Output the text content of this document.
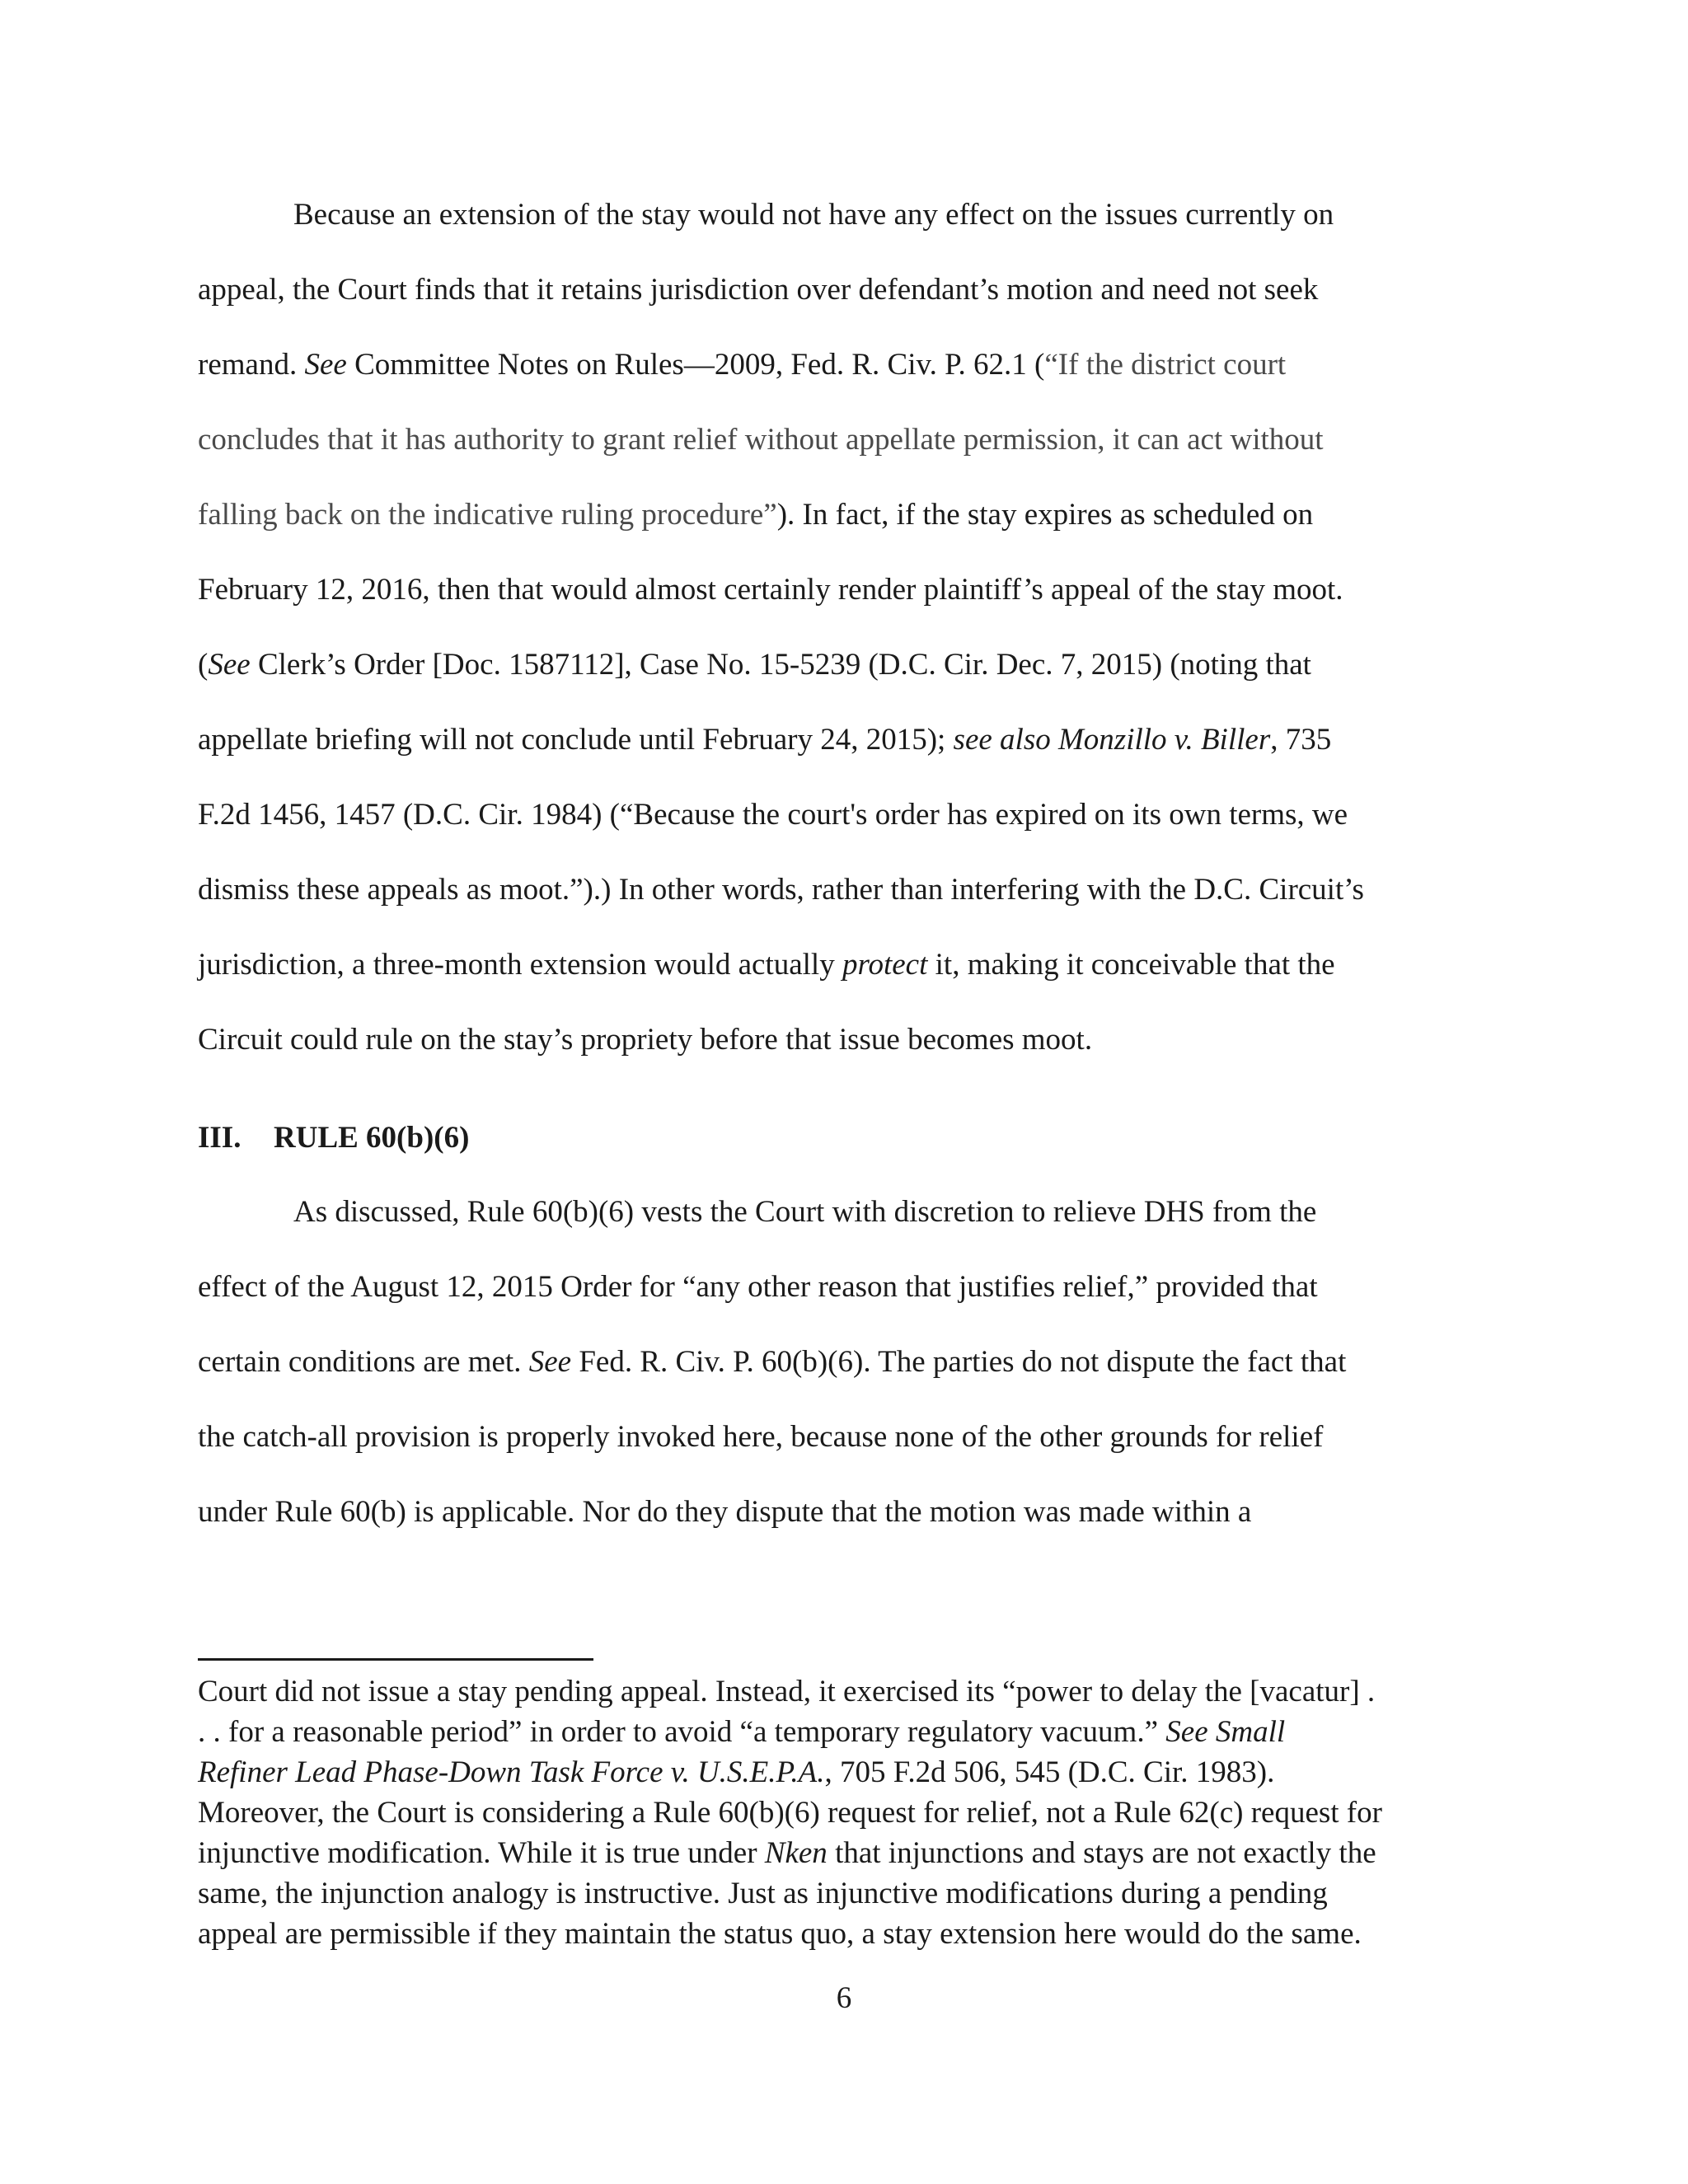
Because an extension of the stay would not have any effect on the issues currently on
appeal, the Court finds that it retains jurisdiction over defendant’s motion and need not seek
remand. See Committee Notes on Rules—2009, Fed. R. Civ. P. 62.1 (“If the district court
concludes that it has authority to grant relief without appellate permission, it can act without
falling back on the indicative ruling procedure”). In fact, if the stay expires as scheduled on
February 12, 2016, then that would almost certainly render plaintiff’s appeal of the stay moot.
(See Clerk’s Order [Doc. 1587112], Case No. 15-5239 (D.C. Cir. Dec. 7, 2015) (noting that
appellate briefing will not conclude until February 24, 2015); see also Monzillo v. Biller, 735
F.2d 1456, 1457 (D.C. Cir. 1984) (“Because the court's order has expired on its own terms, we
dismiss these appeals as moot.”).) In other words, rather than interfering with the D.C. Circuit’s
jurisdiction, a three-month extension would actually protect it, making it conceivable that the
Circuit could rule on the stay’s propriety before that issue becomes moot.
III. RULE 60(b)(6)
As discussed, Rule 60(b)(6) vests the Court with discretion to relieve DHS from the
effect of the August 12, 2015 Order for “any other reason that justifies relief,” provided that
certain conditions are met. See Fed. R. Civ. P. 60(b)(6). The parties do not dispute the fact that
the catch-all provision is properly invoked here, because none of the other grounds for relief
under Rule 60(b) is applicable. Nor do they dispute that the motion was made within a
Court did not issue a stay pending appeal. Instead, it exercised its “power to delay the [vacatur] .
. . for a reasonable period” in order to avoid “a temporary regulatory vacuum.” See Small
Refiner Lead Phase-Down Task Force v. U.S.E.P.A., 705 F.2d 506, 545 (D.C. Cir. 1983).
Moreover, the Court is considering a Rule 60(b)(6) request for relief, not a Rule 62(c) request for
injunctive modification. While it is true under Nken that injunctions and stays are not exactly the
same, the injunction analogy is instructive. Just as injunctive modifications during a pending
appeal are permissible if they maintain the status quo, a stay extension here would do the same.
6
